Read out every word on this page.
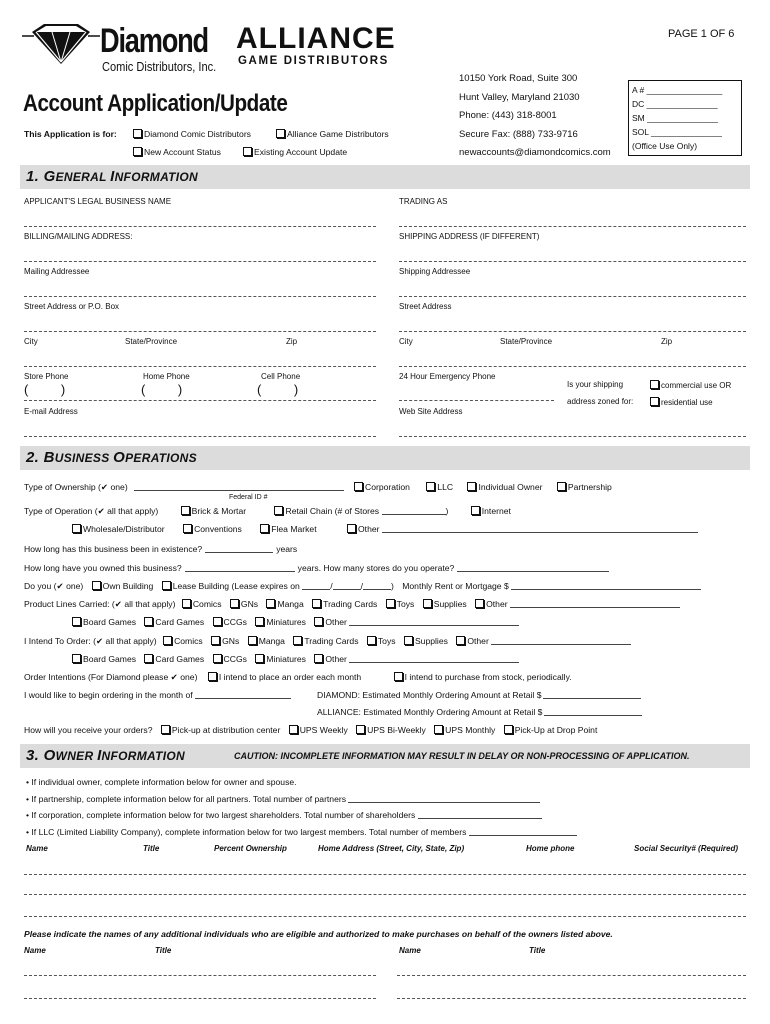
Diamond
Comic Distributors, Inc.
ALLIANCE
GAME DISTRIBUTORS
PAGE 1 OF 6
Account Application/Update
This Application is for:	Diamond Comic Distributors	Alliance Game Distributors
New Account Status	Existing Account Update
10150 York Road, Suite 300
Hunt Valley, Maryland 21030
Phone: (443) 318-8001
Secure Fax: (888) 733-9716
newaccounts@diamondcomics.com
A # ________________
DC _______________
SM _______________
SOL _______________
(Office Use Only)
1. GENERAL INFORMATION
APPLICANT'S LEGAL BUSINESS NAME	TRADING AS
BILLING/MAILING ADDRESS:	SHIPPING ADDRESS (IF DIFFERENT)
Mailing Addressee	Shipping Addressee
Street Address or P.O. Box	Street Address
City	State/Province	Zip	City	State/Province	Zip
Store Phone	Home Phone	Cell Phone
(         )	(         )	(         )
24 Hour Emergency Phone
Is your shipping
address zoned for:
commercial use OR
residential use
E-mail Address	Web Site Address
2. BUSINESS OPERATIONS
Type of Ownership (✔ one)
Federal ID #
Corporation	LLC	Individual Owner	Partnership
Type of Operation (✔ all that apply)	Brick & Mortar	Retail Chain (# of Stores	)	Internet
Wholesale/Distributor	Conventions	Flea Market	Other
How long has this business been in existence?	years
How long have you owned this business?	years. How many stores do you operate?
Do you (✔ one) Own Building Lease Building (Lease expires on	/	/	) Monthly Rent or Mortgage $
Product Lines Carried: (✔ all that apply) Comics GNs Manga Trading Cards Toys Supplies Other
Board Games Card Games CCGs Miniatures Other
I Intend To Order: (✔ all that apply) Comics GNs Manga Trading Cards Toys Supplies Other
Board Games Card Games CCGs Miniatures Other
Order Intentions (For Diamond please ✔ one) I intend to place an order each month	I intend to purchase from stock, periodically.
I would like to begin ordering in the month of	DIAMOND: Estimated Monthly Ordering Amount at Retail $
ALLIANCE: Estimated Monthly Ordering Amount at Retail $
How will you receive your orders? Pick-up at distribution center UPS Weekly UPS Bi-Weekly UPS Monthly Pick-Up at Drop Point
3. OWNER INFORMATION	CAUTION: INCOMPLETE INFORMATION MAY RESULT IN DELAY OR NON-PROCESSING OF APPLICATION.
• If individual owner, complete information below for owner and spouse.
• If partnership, complete information below for all partners. Total number of partners
• If corporation, complete information below for two largest shareholders. Total number of shareholders
• If LLC (Limited Liability Company), complete information below for two largest members. Total number of members
Name	Title	Percent Ownership	Home Address (Street, City, State, Zip)	Home phone	Social Security# (Required)
Please indicate the names of any additional individuals who are eligible and authorized to make purchases on behalf of the owners listed above.
Name	Title	Name	Title
